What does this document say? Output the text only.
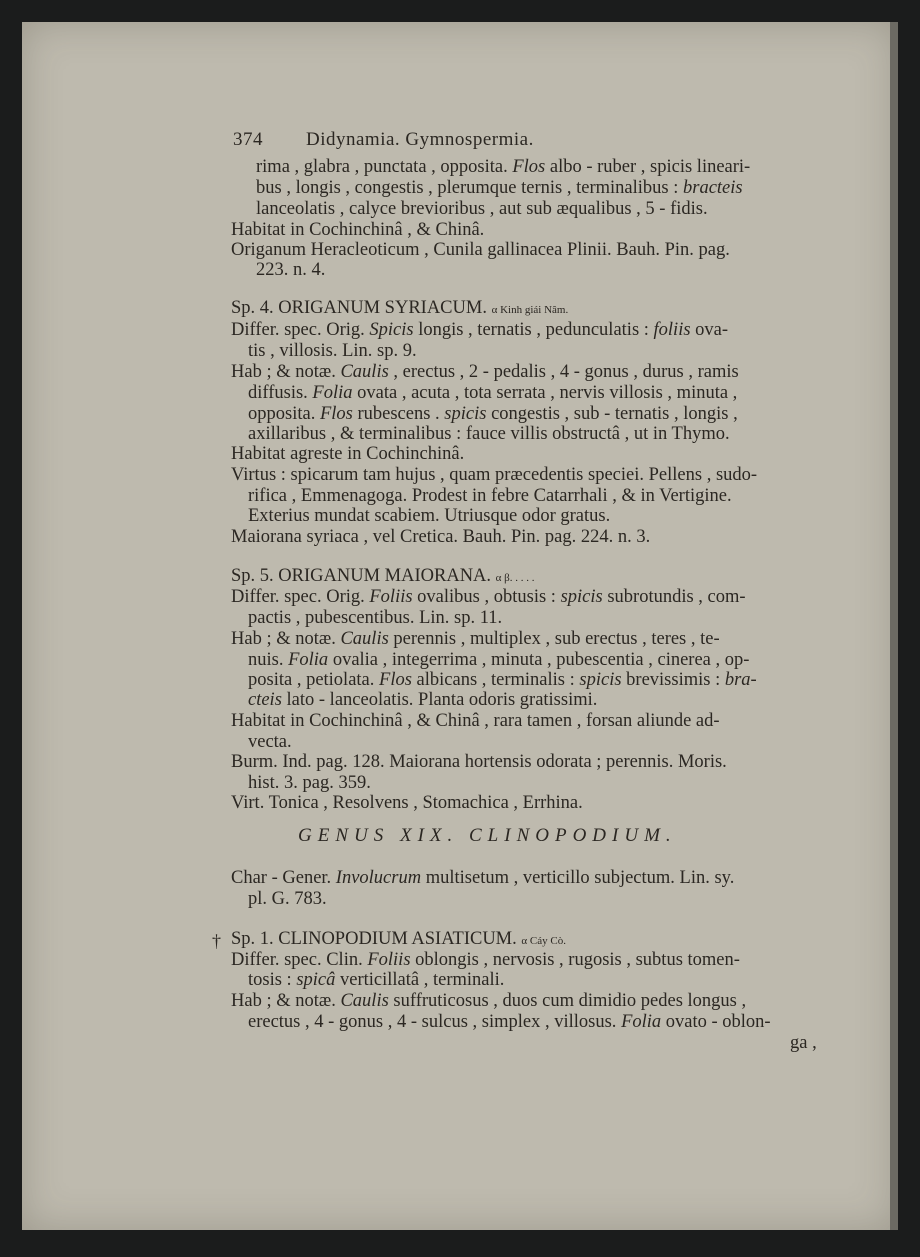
374 Didynamia. Gymnospermia.
rima , glabra , punctata , opposita. Flos albo - ruber , spicis lineari-
bus , longis , congestis , plerumque ternis , terminalibus : bracteis
lanceolatis , calyce brevioribus , aut sub æqualibus , 5 - fidis.
Habitat in Cochinchinâ , & Chinâ.
Origanum Heracleoticum , Cunila gallinacea Plinii. Bauh. Pin. pag.
223. n. 4.
Sp. 4. ORIGANUM SYRIACUM. α Kinh giái Nâm.
Differ. spec. Orig. Spicis longis , ternatis , pedunculatis : foliis ova-
tis , villosis. Lin. sp. 9.
Hab ; & notæ. Caulis , erectus , 2 - pedalis , 4 - gonus , durus , ramis
diffusis. Folia ovata , acuta , tota serrata , nervis villosis , minuta ,
opposita. Flos rubescens . spicis congestis , sub - ternatis , longis ,
axillaribus , & terminalibus : fauce villis obstructâ , ut in Thymo.
Habitat agreste in Cochinchinâ.
Virtus : spicarum tam hujus , quam præcedentis speciei. Pellens , sudo-
rifica , Emmenagoga. Prodest in febre Catarrhali , & in Vertigine.
Exterius mundat scabiem. Utriusque odor gratus.
Maiorana syriaca , vel Cretica. Bauh. Pin. pag. 224. n. 3.
Sp. 5. ORIGANUM MAIORANA. α β. . . . .
Differ. spec. Orig. Foliis ovalibus , obtusis : spicis subrotundis , com-
pactis , pubescentibus. Lin. sp. 11.
Hab ; & notæ. Caulis perennis , multiplex , sub erectus , teres , te-
nuis. Folia ovalia , integerrima , minuta , pubescentia , cinerea , op-
posita , petiolata. Flos albicans , terminalis : spicis brevissimis : bra-
cteis lato - lanceolatis. Planta odoris gratissimi.
Habitat in Cochinchinâ , & Chinâ , rara tamen , forsan aliunde ad-
vecta.
Burm. Ind. pag. 128. Maiorana hortensis odorata ; perennis. Moris.
hist. 3. pag. 359.
Virt. Tonica , Resolvens , Stomachica , Errhina.
GENUS XIX. CLINOPODIUM.
Char - Gener. Involucrum multisetum , verticillo subjectum. Lin. sy.
pl. G. 783.
† Sp. 1. CLINOPODIUM ASIATICUM. α Cáy Cò.
Differ. spec. Clin. Foliis oblongis , nervosis , rugosis , subtus tomen-
tosis : spicâ verticillatâ , terminali.
Hab ; & notæ. Caulis suffruticosus , duos cum dimidio pedes longus ,
erectus , 4 - gonus , 4 - sulcus , simplex , villosus. Folia ovato - oblon-
ga ,
